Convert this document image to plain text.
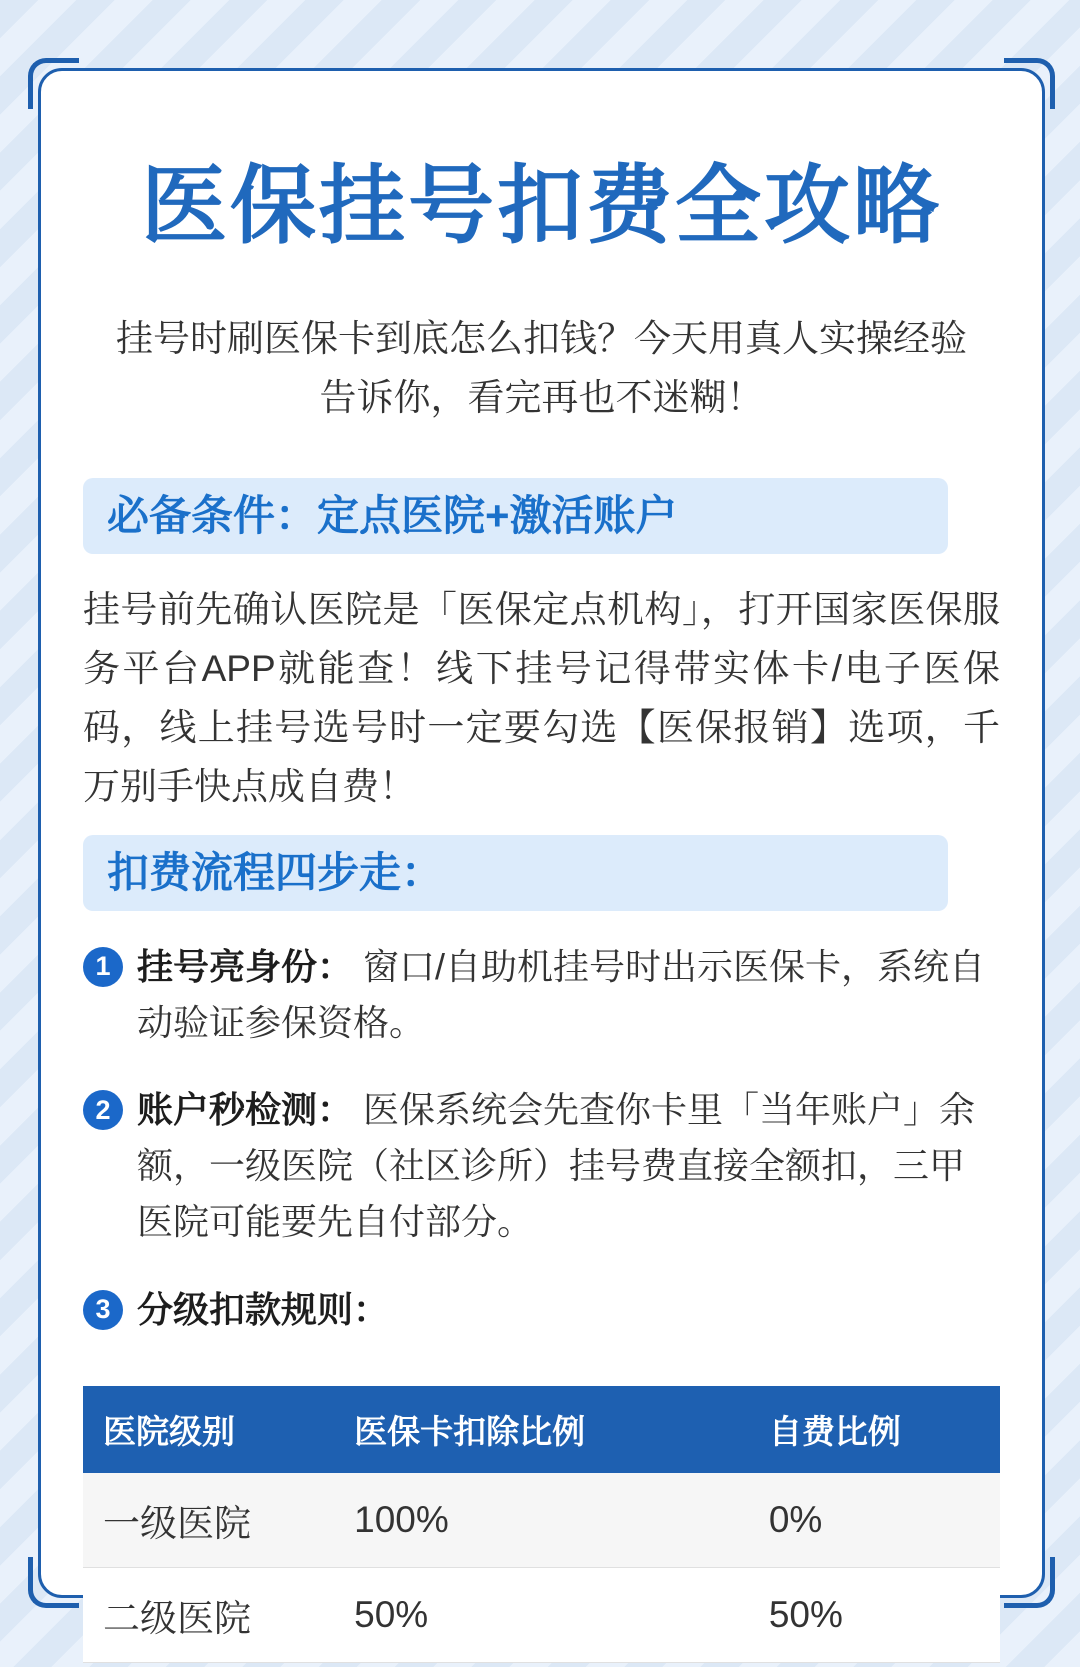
医保挂号扣费全攻略
挂号时刷医保卡到底怎么扣钱？今天用真人实操经验告诉你，看完再也不迷糊！
必备条件：定点医院+激活账户
挂号前先确认医院是「医保定点机构」，打开国家医保服务平台APP就能查！线下挂号记得带实体卡/电子医保码，线上挂号选号时一定要勾选【医保报销】选项，千万别手快点成自费！
扣费流程四步走：
1 挂号亮身份： 窗口/自助机挂号时出示医保卡，系统自动验证参保资格。
2 账户秒检测： 医保系统会先查你卡里「当年账户」余额，一级医院（社区诊所）挂号费直接全额扣，三甲医院可能要先自付部分。
3 分级扣款规则：
医院级别	医保卡扣除比例	自费比例
一级医院	100%	0%
二级医院	50%	50%
